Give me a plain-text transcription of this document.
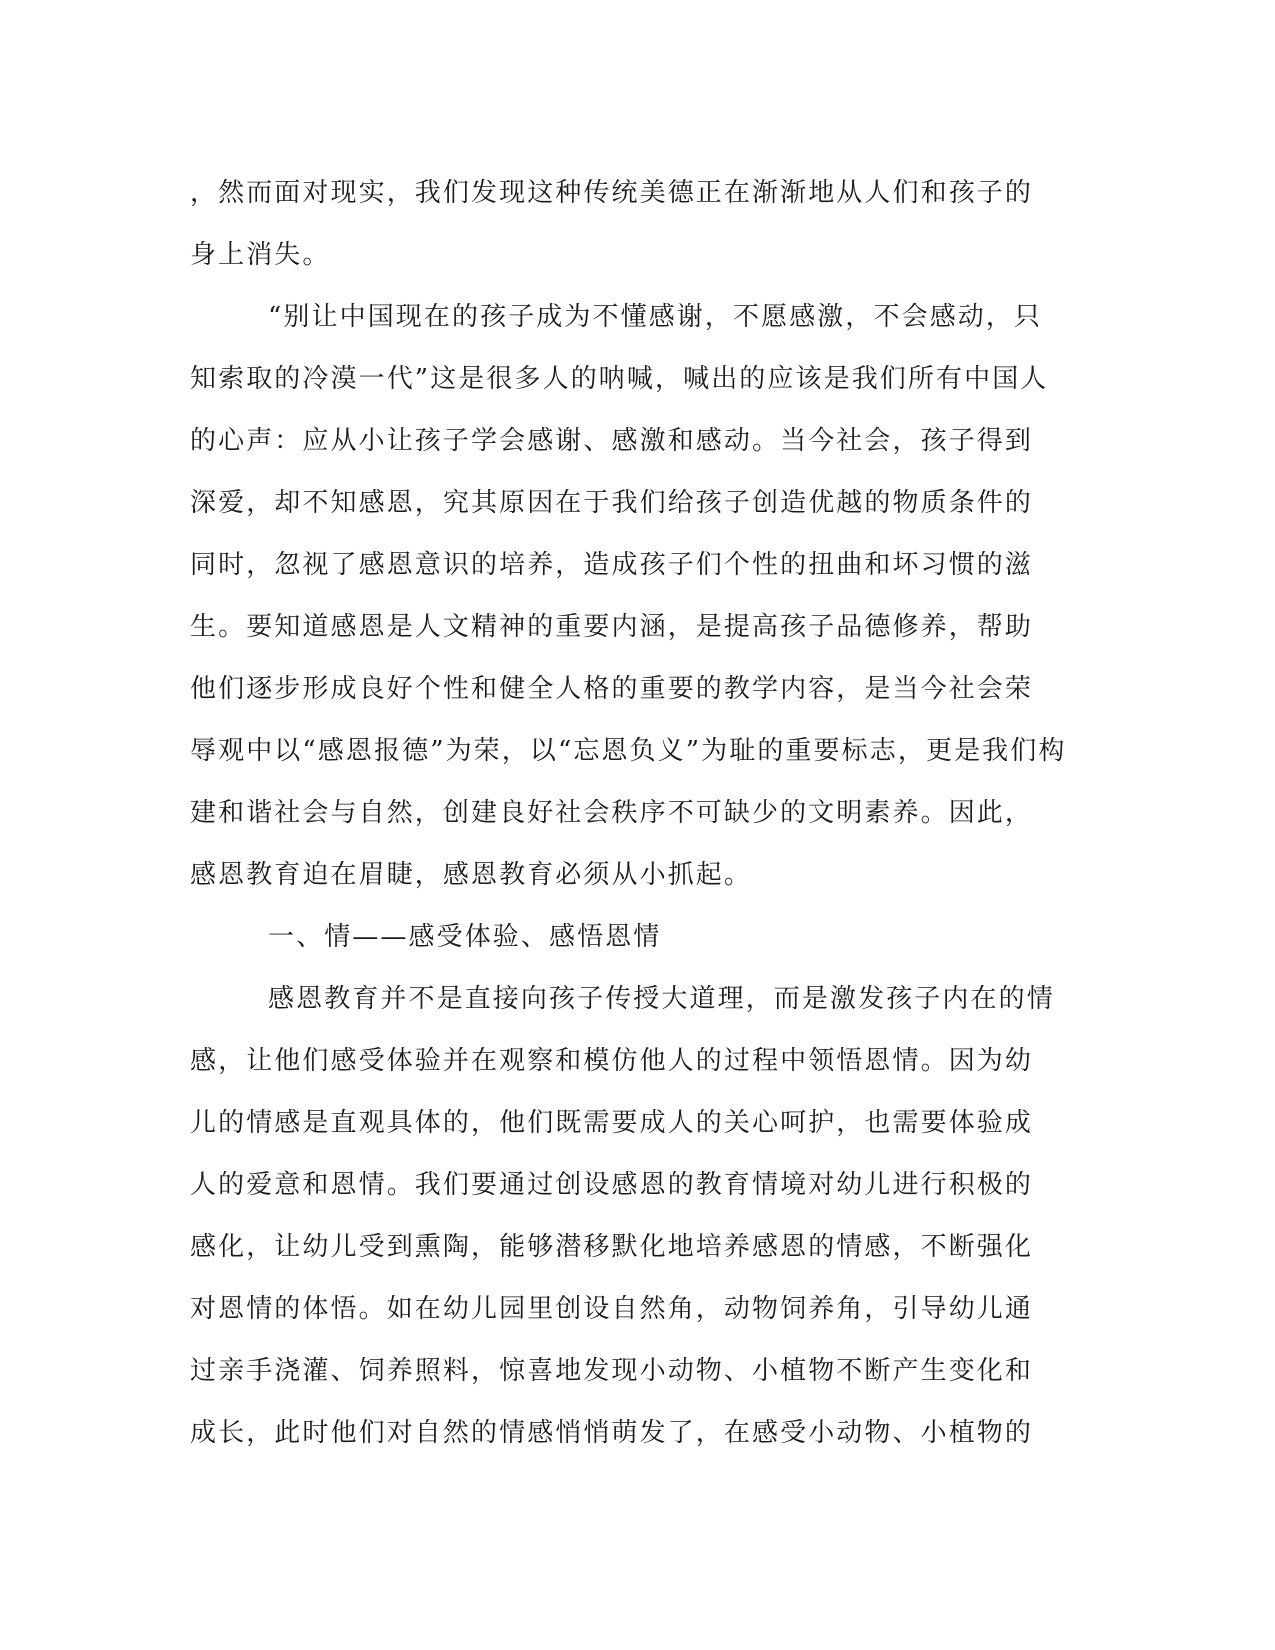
，然而面对现实，我们发现这种传统美德正在渐渐地从人们和孩子的
身上消失。
“别让中国现在的孩子成为不懂感谢，不愿感激，不会感动，只
知索取的冷漠一代”这是很多人的呐喊，喊出的应该是我们所有中国人
的心声：应从小让孩子学会感谢、感激和感动。当今社会，孩子得到
深爱，却不知感恩，究其原因在于我们给孩子创造优越的物质条件的
同时，忽视了感恩意识的培养，造成孩子们个性的扭曲和坏习惯的滋
生。要知道感恩是人文精神的重要内涵，是提高孩子品德修养，帮助
他们逐步形成良好个性和健全人格的重要的教学内容，是当今社会荣
辱观中以“感恩报德”为荣，以“忘恩负义”为耻的重要标志，更是我们构
建和谐社会与自然，创建良好社会秩序不可缺少的文明素养。因此，
感恩教育迫在眉睫，感恩教育必须从小抓起。
一、情——感受体验、感悟恩情
感恩教育并不是直接向孩子传授大道理，而是激发孩子内在的情
感，让他们感受体验并在观察和模仿他人的过程中领悟恩情。因为幼
儿的情感是直观具体的，他们既需要成人的关心呵护，也需要体验成
人的爱意和恩情。我们要通过创设感恩的教育情境对幼儿进行积极的
感化，让幼儿受到熏陶，能够潜移默化地培养感恩的情感，不断强化
对恩情的体悟。如在幼儿园里创设自然角，动物饲养角，引导幼儿通
过亲手浇灌、饲养照料，惊喜地发现小动物、小植物不断产生变化和
成长，此时他们对自然的情感悄悄萌发了，在感受小动物、小植物的
